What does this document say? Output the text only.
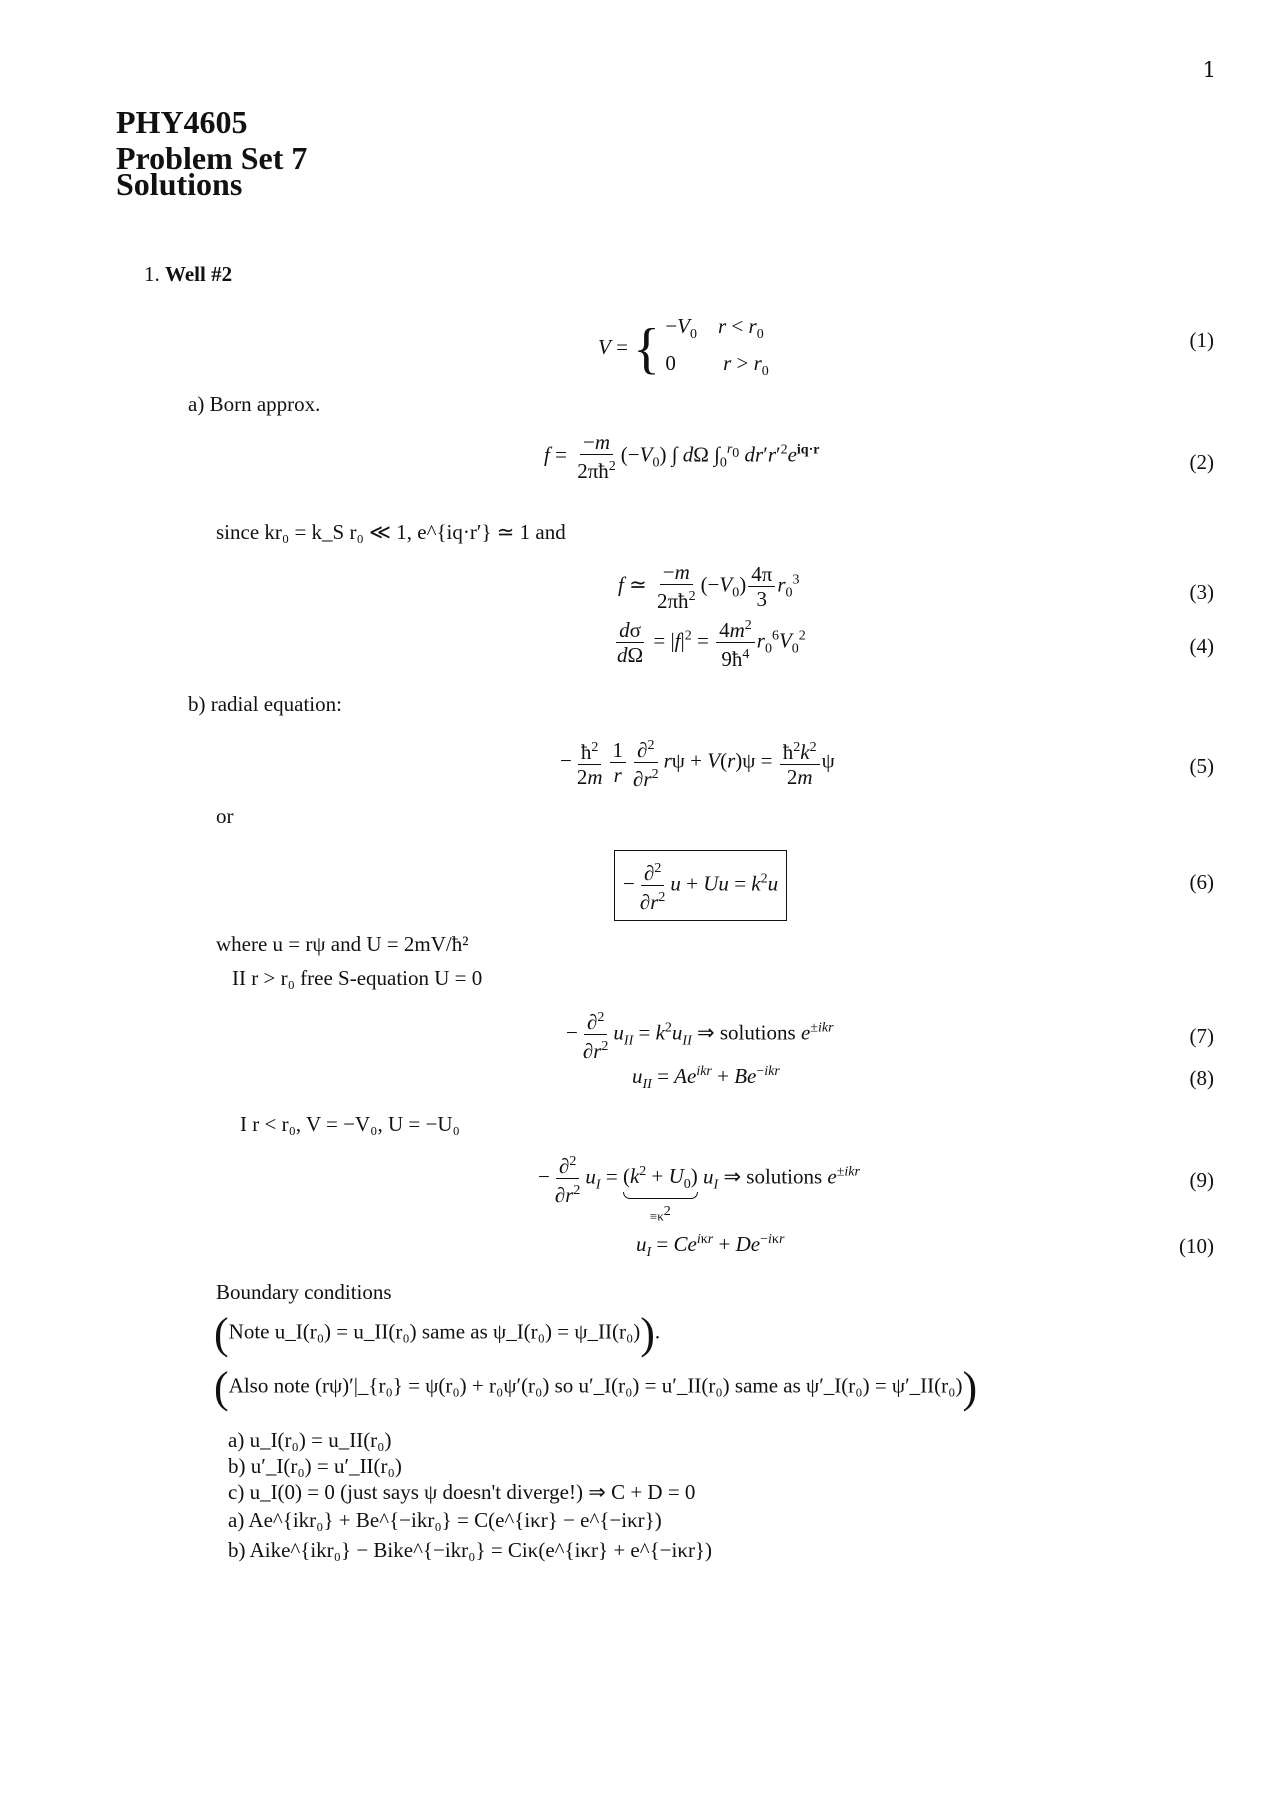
1
PHY4605
Problem Set 7
Solutions
1. Well #2
V = { $-V_0$ $r < r_0$
0         $r > r_0$
(1)
a) Born approx.
$f = \frac{-m}{2\pi ħ^2} (-V_0)$ ∫ dΩ $\int_0^{r_0}$ $dr'r'^2e^{iq\cdot r}$
(2)
since kr₀ = k_S r₀ ≪ 1, e^{iq·r′} ≃ 1 and
f ≃ $\frac{-m}{2\pi ħ^2} (-V_0) \frac{4\pi}{3} r_0^3$
(3)
$\frac{d\sigma}{d\Omega} = |f|^2 = \frac{4m^2}{9ħ^4} r_0^6V_0^2$	(4)
b) radial equation:
− $\frac{ħ^2}{2m} \frac{1}{r} \frac{\partial^2}{\partial r^2}$ $r\psi + V(r)\psi = \frac{ħ^2k^2}{2m}$ ψ	(5)
or
− $\frac{\partial^2}{\partial r^2}$ $u + Uu = k^2u$	(6)
where u = rψ and U = 2mV/ħ²
II r > r₀ free S-equation U = 0
− $\frac{\partial^2}{\partial r^2} u_{II} = k^2u_{II}$ ⇒ solutions $e^{\pm ikr}$	(7)
$u_{II} = Ae^{ikr} + Be^{-ikr}$	(8)
I r < r₀, V = −V₀, U = −U₀
− $\frac{\partial^2}{\partial r^2} u_I = (k^2 + U_0)$
$\equiv\kappa^2$
$u_I$ ⇒ solutions $e^{\pm ikr}$	(9)
$u_I = Ce^{i\kappa r} + De^{-i\kappa r}$	(10)
Boundary conditions
(Note u_I(r₀) = u_II(r₀) same as ψ_I(r₀) = ψ_II(r₀)).
(Also note (rψ)′|_{r₀} = ψ(r₀) + r₀ψ′(r₀) so u′_I(r₀) = u′_II(r₀) same as ψ′_I(r₀) = ψ′_II(r₀))
a) u_I(r₀) = u_II(r₀)
b) u′_I(r₀) = u′_II(r₀)
c) u_I(0) = 0 (just says ψ doesn't diverge!) ⇒ C + D = 0
a) Ae^{ikr₀} + Be^{−ikr₀} = C(e^{iκr} − e^{−iκr})
b) Aike^{ikr₀} − Bike^{−ikr₀} = Ciκ(e^{iκr} + e^{−iκr})
